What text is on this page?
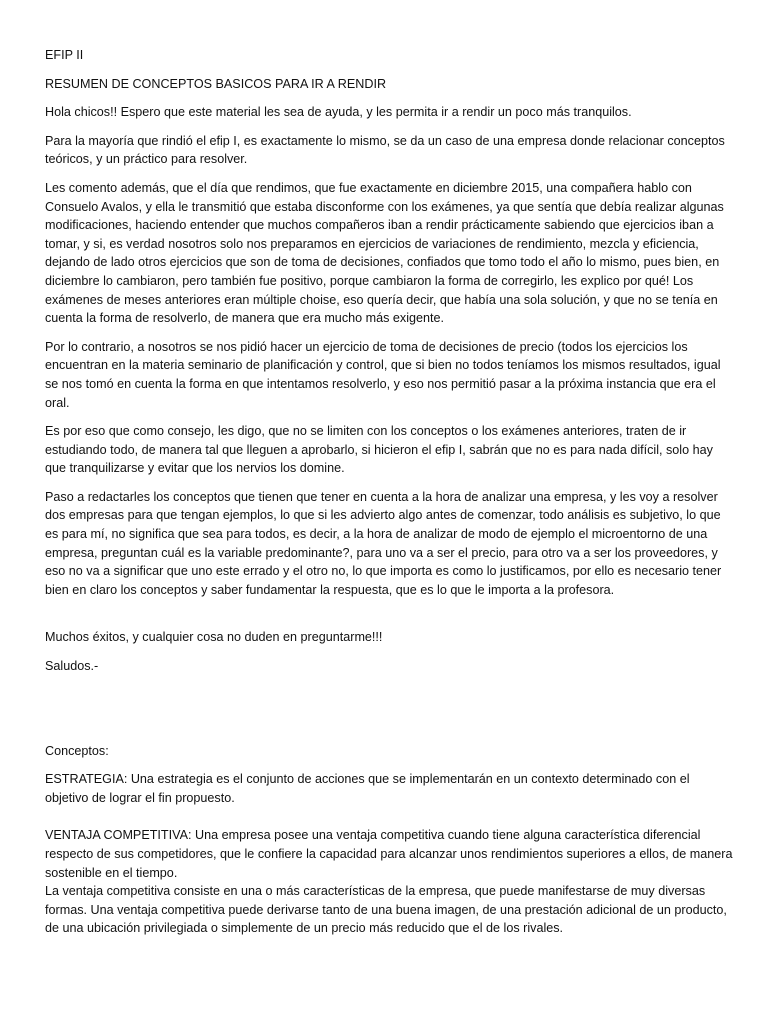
EFIP II

RESUMEN DE CONCEPTOS BASICOS PARA IR A RENDIR

Hola chicos!! Espero que este material les sea de ayuda, y les permita ir a rendir un poco más tranquilos.

Para la mayoría que rindió el efip I, es exactamente lo mismo, se da un caso de una empresa donde relacionar conceptos teóricos, y un práctico para resolver.

Les comento además, que el día que rendimos, que fue exactamente en diciembre 2015, una compañera hablo con Consuelo Avalos, y ella le transmitió que estaba disconforme con los exámenes, ya que sentía que debía realizar algunas modificaciones, haciendo entender que muchos compañeros iban a rendir prácticamente sabiendo que ejercicios iban a tomar, y si, es verdad nosotros solo nos preparamos en ejercicios de variaciones de rendimiento, mezcla y eficiencia, dejando de lado otros ejercicios que son de toma de decisiones, confiados que tomo todo el año lo mismo, pues bien, en diciembre lo cambiaron, pero también fue positivo, porque cambiaron la forma de corregirlo, les explico por qué! Los exámenes de meses anteriores eran múltiple choise, eso quería decir, que había una sola solución, y que no se tenía en cuenta la forma de resolverlo, de manera que era mucho más exigente.

Por lo contrario, a nosotros se nos pidió hacer un ejercicio de toma de decisiones de precio (todos los ejercicios los encuentran en la materia seminario de planificación y control, que si bien no todos teníamos los mismos resultados, igual se nos tomó en cuenta la forma en que intentamos resolverlo, y eso nos permitió pasar a la próxima instancia que era el oral.

Es por eso que como consejo, les digo, que no se limiten con los conceptos o los exámenes anteriores, traten de ir estudiando todo, de manera tal que lleguen a aprobarlo, si hicieron el efip I, sabrán que no es para nada difícil, solo hay que tranquilizarse y evitar que los nervios los domine.

Paso a redactarles los conceptos que tienen que tener en cuenta a la hora de analizar una empresa, y les voy a resolver dos empresas para que tengan ejemplos, lo que si les advierto algo antes de comenzar, todo análisis es subjetivo, lo que es para mí, no significa que sea para todos, es decir, a la hora de analizar de modo de ejemplo el microentorno de una empresa, preguntan cuál es la variable predominante?, para uno va a ser el precio, para otro va a ser los proveedores, y eso no va a significar que uno este errado y el otro no, lo que importa es como lo justificamos, por ello es necesario tener bien en claro los conceptos y saber fundamentar la respuesta, que es lo que le importa a la profesora.

Muchos éxitos, y cualquier cosa no duden en preguntarme!!!

Saludos.-

Conceptos:

ESTRATEGIA: Una estrategia es el conjunto de acciones que se implementarán en un contexto determinado con el objetivo de lograr el fin propuesto.

VENTAJA COMPETITIVA: Una empresa posee una ventaja competitiva cuando tiene alguna característica diferencial respecto de sus competidores, que le confiere la capacidad para alcanzar unos rendimientos superiores a ellos, de manera sostenible en el tiempo.

La ventaja competitiva consiste en una o más características de la empresa, que puede manifestarse de muy diversas formas. Una ventaja competitiva puede derivarse tanto de una buena imagen, de una prestación adicional de un producto, de una ubicación privilegiada o simplemente de un precio más reducido que el de los rivales.
